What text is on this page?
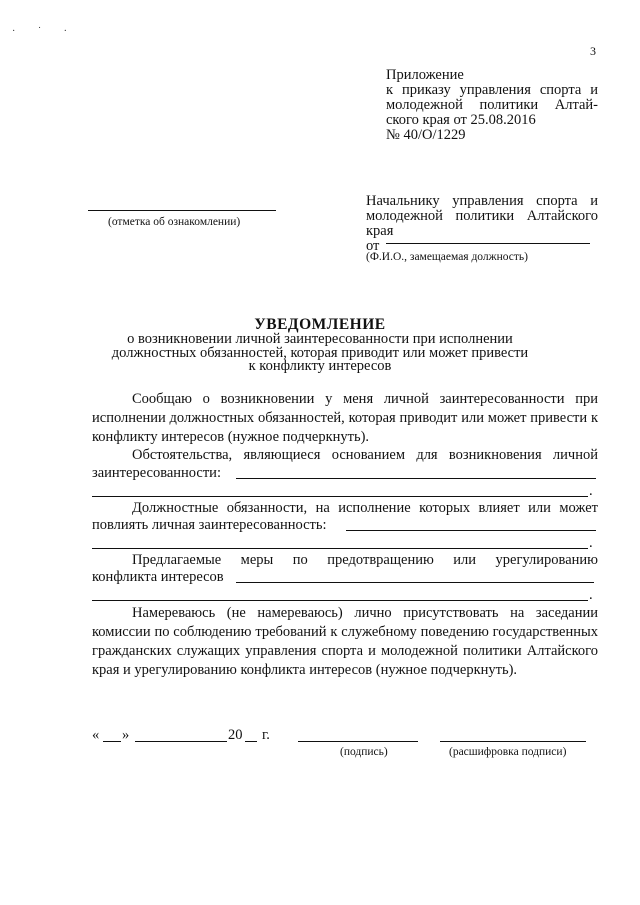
· ˙ ·
3
Приложение
к приказу управления спорта и
молодежной политики Алтай-
ского края от 25.08.2016
№ 40/О/1229
(отметка об ознакомлении)
Начальнику управления спорта и
молодежной политики Алтайского
края
от
(Ф.И.О., замещаемая должность)
УВЕДОМЛЕНИЕ
о возникновении личной заинтересованности при исполнении
должностных обязанностей, которая приводит или может привести
к конфликту интересов
Сообщаю о возникновении у меня личной заинтересованности при исполнении должностных обязанностей, которая приводит или может привести к конфликту интересов (нужное подчеркнуть).
Обстоятельства, являющиеся основанием для возникновения личной
заинтересованности:
.
Должностные обязанности, на исполнение которых влияет или может
повлиять личная заинтересованность:
.
Предлагаемые меры по предотвращению или урегулированию
конфликта интересов
.
Намереваюсь (не намереваюсь) лично присутствовать на заседании комиссии по соблюдению требований к служебному поведению государственных гражданских служащих управления спорта и молодежной политики Алтайского края и урегулированию конфликта интересов (нужное подчеркнуть).
« »	20 г.
(подпись)	(расшифровка подписи)
